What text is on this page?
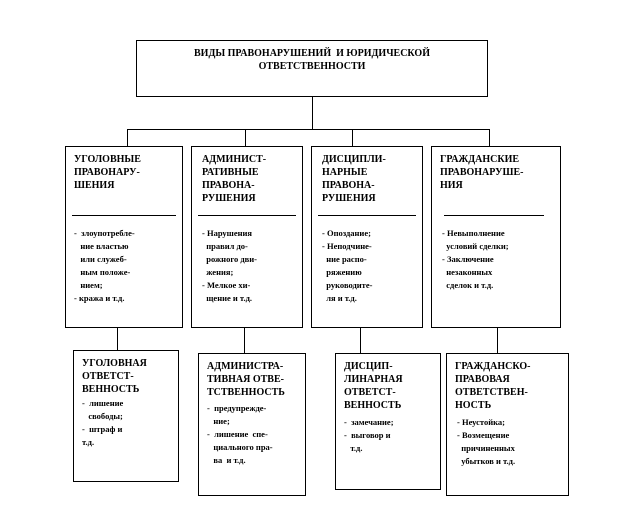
ВИДЫ ПРАВОНАРУШЕНИЙ  И ЮРИДИЧЕСКОЙ
ОТВЕТСТВЕННОСТИ
УГОЛОВНЫЕ
ПРАВОНАРУ-
ШЕНИЯ
-  злоупотребле-
ние властью
или служеб-
ным положе-
нием;
- кража и т.д.
АДМИНИСТ-
РАТИВНЫЕ
ПРАВОНА-
РУШЕНИЯ
- Нарушения
правил до-
рожного дви-
жения;
- Мелкое хи-
щение и т.д.
ДИСЦИПЛИ-
НАРНЫЕ
ПРАВОНА-
РУШЕНИЯ
- Опоздание;
- Неподчине-
ние распо-
ряжению
руководите-
ля и т.д.
ГРАЖДАНСКИЕ
ПРАВОНАРУШЕ-
НИЯ
- Невыполнение
условий сделки;
- Заключение
незаконных
сделок и т.д.
УГОЛОВНАЯ
ОТВЕТСТ-
ВЕННОСТЬ
-  лишение
свободы;
-  штраф и
т.д.
АДМИНИСТРА-
ТИВНАЯ ОТВЕ-
ТСТВЕННОСТЬ
-  предупрежде-
ние;
-  лишение  спе-
циального пра-
ва  и т.д.
ДИСЦИП-
ЛИНАРНАЯ
ОТВЕТСТ-
ВЕННОСТЬ
-  замечание;
-  выговор и
т.д.
ГРАЖДАНСКО-
ПРАВОВАЯ
ОТВЕТСТВЕН-
НОСТЬ
- Неустойка;
- Возмещение
причиненных
убытков и т.д.
